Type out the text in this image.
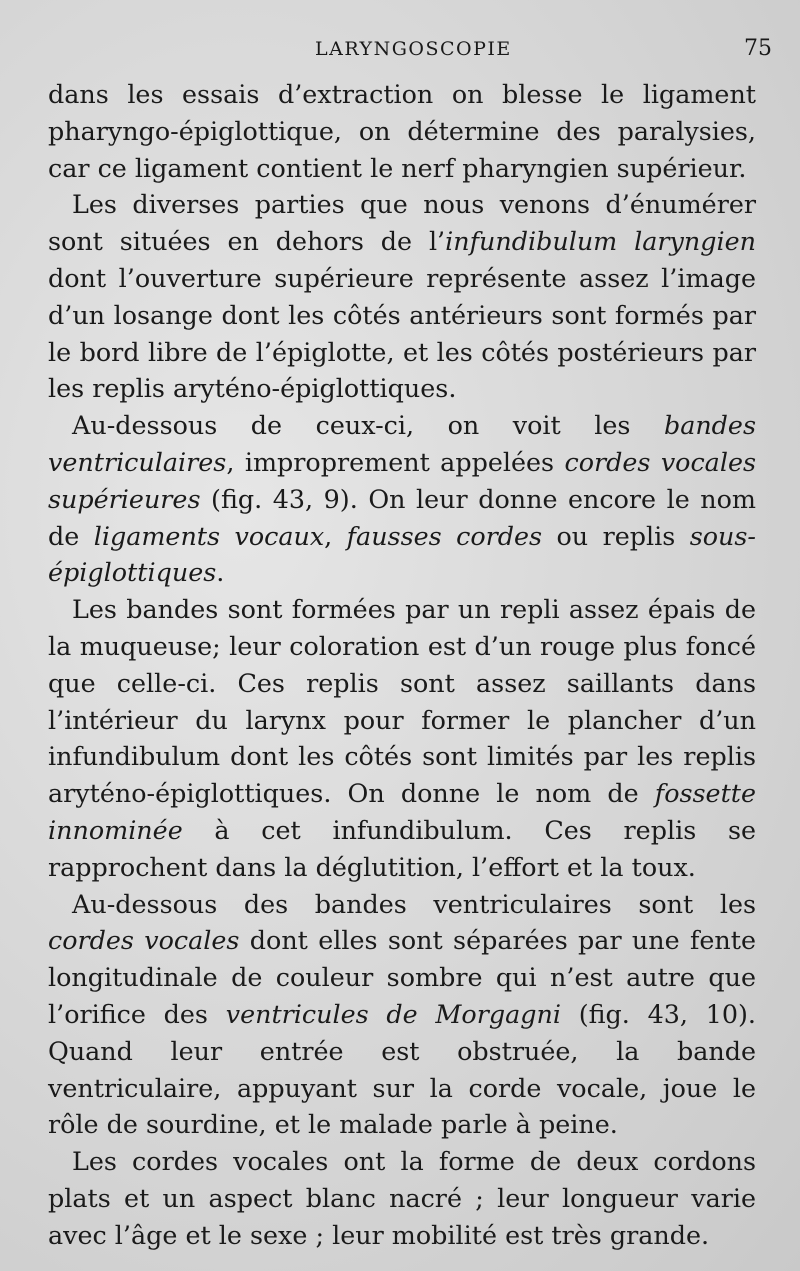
LARYNGOSCOPIE	75

dans les essais d’extraction on blesse le ligament pharyngo-épiglottique, on détermine des paralysies, car ce ligament contient le nerf pharyngien supérieur.

Les diverses parties que nous venons d’énumérer sont situées en dehors de l’infundibulum laryngien dont l’ouverture supérieure représente assez l’image d’un losange dont les côtés antérieurs sont formés par le bord libre de l’épiglotte, et les côtés postérieurs par les replis aryténo-épiglottiques.

Au-dessous de ceux-ci, on voit les bandes ventriculaires, improprement appelées cordes vocales supérieures (fig. 43, 9). On leur donne encore le nom de ligaments vocaux, fausses cordes ou replis sous-épiglottiques.

Les bandes sont formées par un repli assez épais de la muqueuse; leur coloration est d’un rouge plus foncé que celle-ci. Ces replis sont assez saillants dans l’intérieur du larynx pour former le plancher d’un infundibulum dont les côtés sont limités par les replis aryténo-épiglottiques. On donne le nom de fossette innominée à cet infundibulum. Ces replis se rapprochent dans la déglutition, l’effort et la toux.

Au-dessous des bandes ventriculaires sont les cordes vocales dont elles sont séparées par une fente longitudinale de couleur sombre qui n’est autre que l’orifice des ventricules de Morgagni (fig. 43, 10). Quand leur entrée est obstruée, la bande ventriculaire, appuyant sur la corde vocale, joue le rôle de sourdine, et le malade parle à peine.

Les cordes vocales ont la forme de deux cordons plats et un aspect blanc nacré ; leur longueur varie avec l’âge et le sexe ; leur mobilité est très grande.
